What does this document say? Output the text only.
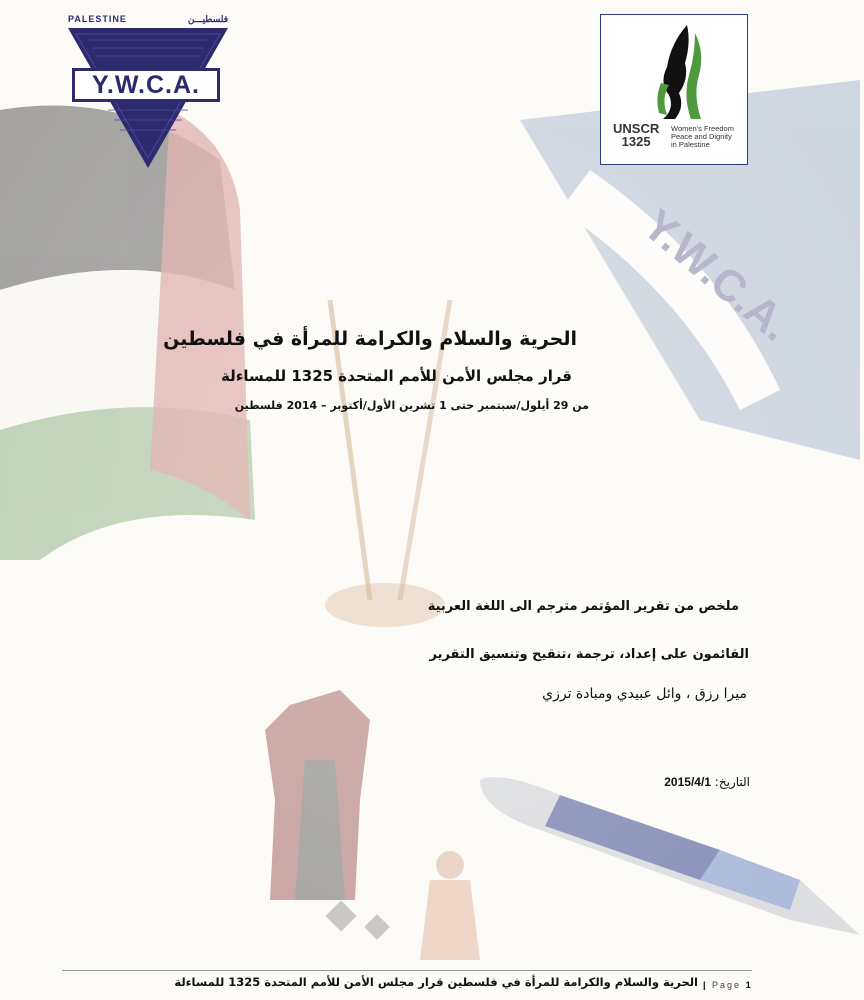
PALESTINE	فلسطيـــن
Y.W.C.A.
UNSCR
1325
Women's Freedom
Peace and Dignity
in Palestine
الحرية والسلام والكرامة للمرأة في فلسطين
قرار مجلس الأمن للأمم المتحدة 1325 للمساءلة
من 29 أيلول/سبتمبر حتى 1 تشرين الأول/أكتوبر – 2014 فلسطين
ملخص من تقرير المؤتمر مترجم الى اللغة العربية
القائمون على إعداد، ترجمة ،تنقيح وتنسيق التقرير
ميرا رزق ، وائل عبيدي ومبادة ترزي
التاريخ: 2015/4/1
الحرية والسلام والكرامة للمرأة في فلسطين قرار مجلس الأمن للأمم المتحدة 1325 للمساءلة | Page 1
